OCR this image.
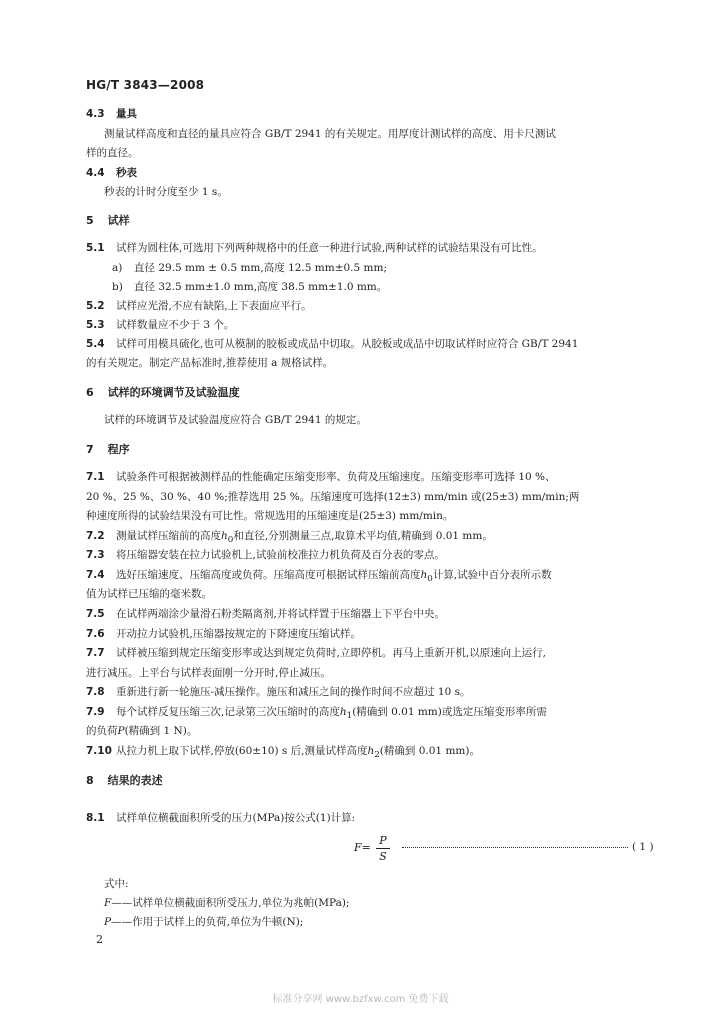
HG/T 3843—2008
4.3 量具
测量试样高度和直径的量具应符合 GB/T 2941 的有关规定。用厚度计测试样的高度、用卡尺测试
样的直径。
4.4 秒表
秒表的计时分度至少 1 s。
5 试样
5.1 试样为圆柱体,可选用下列两种规格中的任意一种进行试验,两种试样的试验结果没有可比性。
a) 直径 29.5 mm ± 0.5 mm,高度 12.5 mm±0.5 mm;
b) 直径 32.5 mm±1.0 mm,高度 38.5 mm±1.0 mm。
5.2 试样应光滑,不应有缺陷,上下表面应平行。
5.3 试样数量应不少于 3 个。
5.4 试样可用模具硫化,也可从模制的胶板或成品中切取。从胶板或成品中切取试样时应符合 GB/T 2941
的有关规定。制定产品标准时,推荐使用 a 规格试样。
6 试样的环境调节及试验温度
试样的环境调节及试验温度应符合 GB/T 2941 的规定。
7 程序
7.1 试验条件可根据被测样品的性能确定压缩变形率、负荷及压缩速度。压缩变形率可选择 10 %、
20 %、25 %、30 %、40 %;推荐选用 25 %。压缩速度可选择(12±3) mm/min 或(25±3) mm/min;两
种速度所得的试验结果没有可比性。常规选用的压缩速度是(25±3) mm/min。
7.2 测量试样压缩前的高度$h_0$和直径,分别测量三点,取算术平均值,精确到 0.01 mm。
7.3 将压缩器安装在拉力试验机上,试验前校准拉力机负荷及百分表的零点。
7.4 选好压缩速度、压缩高度或负荷。压缩高度可根据试样压缩前高度$h_0$计算,试验中百分表所示数
值为试样已压缩的毫米数。
7.5 在试样两端涂少量滑石粉类隔离剂,并将试样置于压缩器上下平台中央。
7.6 开动拉力试验机,压缩器按规定的下降速度压缩试样。
7.7 试样被压缩到规定压缩变形率或达到规定负荷时,立即停机。再马上重新开机,以原速向上运行,
进行减压。上平台与试样表面刚一分开时,停止减压。
7.8 重新进行新一轮施压-减压操作。施压和减压之间的操作时间不应超过 10 s。
7.9 每个试样反复压缩三次,记录第三次压缩时的高度$h_1$(精确到 0.01 mm)或选定压缩变形率所需
的负荷P(精确到 1 N)。
7.10 从拉力机上取下试样,停放(60±10) s 后,测量试样高度$h_2$(精确到 0.01 mm)。
8 结果的表述
8.1 试样单位横截面积所受的压力(MPa)按公式(1)计算:
F=
P
S
( 1 )
式中:
F——试样单位横截面积所受压力,单位为兆帕(MPa);
P——作用于试样上的负荷,单位为牛顿(N);
2
标准分享网 www.bzfxw.com 免费下载
